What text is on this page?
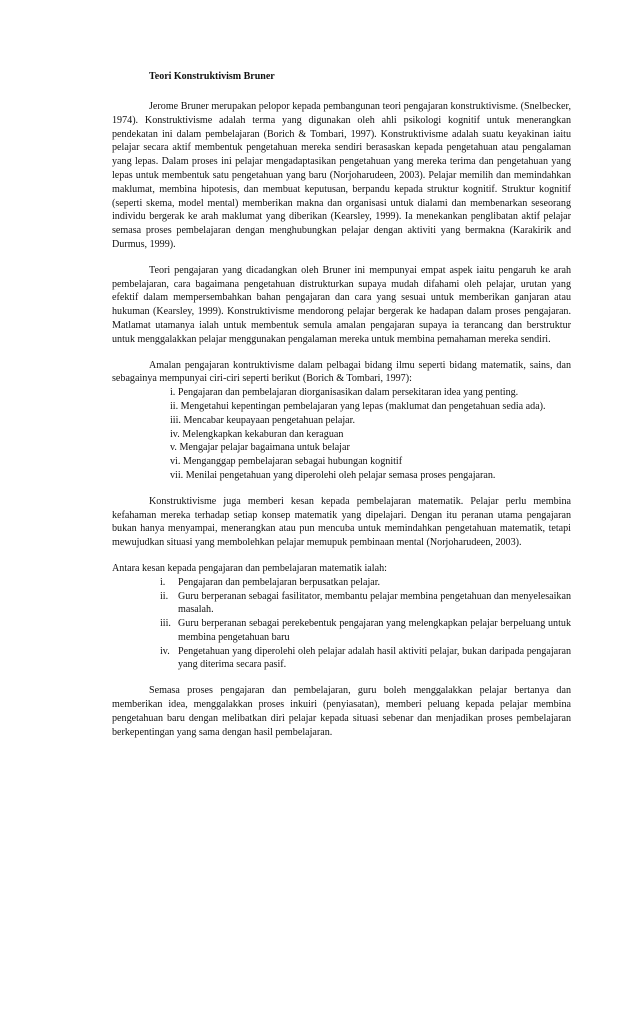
Teori Konstruktivism Bruner

Jerome Bruner merupakan pelopor kepada pembangunan teori pengajaran konstruktivisme. (Snelbecker, 1974). Konstruktivisme adalah terma yang digunakan oleh ahli psikologi kognitif untuk menerangkan pendekatan ini dalam pembelajaran (Borich & Tombari, 1997). Konstruktivisme adalah suatu keyakinan iaitu pelajar secara aktif membentuk pengetahuan mereka sendiri berasaskan kepada pengetahuan atau pengalaman yang lepas. Dalam proses ini pelajar mengadaptasikan pengetahuan yang mereka terima dan pengetahuan yang lepas untuk membentuk satu pengetahuan yang baru (Norjoharudeen, 2003). Pelajar memilih dan memindahkan maklumat, membina hipotesis, dan membuat keputusan, berpandu kepada struktur kognitif. Struktur kognitif (seperti skema, model mental) memberikan makna dan organisasi untuk dialami dan membenarkan seseorang individu bergerak ke arah maklumat yang diberikan (Kearsley, 1999). Ia menekankan penglibatan aktif pelajar semasa proses pembelajaran dengan menghubungkan pelajar dengan aktiviti yang bermakna (Karakirik and Durmus, 1999).

Teori pengajaran yang dicadangkan oleh Bruner ini mempunyai empat aspek iaitu pengaruh ke arah pembelajaran, cara bagaimana pengetahuan distrukturkan supaya mudah difahami oleh pelajar, urutan yang efektif dalam mempersembahkan bahan pengajaran dan cara yang sesuai untuk memberikan ganjaran atau hukuman (Kearsley, 1999). Konstruktivisme mendorong pelajar bergerak ke hadapan dalam proses pengajaran. Matlamat utamanya ialah untuk membentuk semula amalan pengajaran supaya ia terancang dan berstruktur untuk menggalakkan pelajar menggunakan pengalaman mereka untuk membina pemahaman mereka sendiri.

Amalan pengajaran kontruktivisme dalam pelbagai bidang ilmu seperti bidang matematik, sains, dan sebagainya mempunyai ciri-ciri seperti berikut (Borich & Tombari, 1997):

i. Pengajaran dan pembelajaran diorganisasikan dalam persekitaran idea yang penting.
ii. Mengetahui kepentingan pembelajaran yang lepas (maklumat dan pengetahuan sedia ada).
iii. Mencabar keupayaan pengetahuan pelajar.
iv. Melengkapkan kekaburan dan keraguan
v. Mengajar pelajar bagaimana untuk belajar
vi. Menganggap pembelajaran sebagai hubungan kognitif
vii. Menilai pengetahuan yang diperolehi oleh pelajar semasa proses pengajaran.

Konstruktivisme juga memberi kesan kepada pembelajaran matematik. Pelajar perlu membina kefahaman mereka terhadap setiap konsep matematik yang dipelajari. Dengan itu peranan utama pengajaran bukan hanya menyampai, menerangkan atau pun mencuba untuk memindahkan pengetahuan matematik, tetapi mewujudkan situasi yang membolehkan pelajar memupuk pembinaan mental (Norjoharudeen, 2003).

Antara kesan kepada pengajaran dan pembelajaran matematik ialah:

i.	Pengajaran dan pembelajaran berpusatkan pelajar.
ii. Guru berperanan sebagai fasilitator, membantu pelajar membina pengetahuan dan menyelesaikan masalah.
iii. Guru berperanan sebagai perekebentuk pengajaran yang melengkapkan pelajar berpeluang untuk membina pengetahuan baru
iv. Pengetahuan yang diperolehi oleh pelajar adalah hasil aktiviti pelajar, bukan daripada pengajaran yang diterima secara pasif.

Semasa proses pengajaran dan pembelajaran, guru boleh menggalakkan pelajar bertanya dan memberikan idea, menggalakkan proses inkuiri (penyiasatan), memberi peluang kepada pelajar membina pengetahuan baru dengan melibatkan diri pelajar kepada situasi sebenar dan menjadikan proses pembelajaran berkepentingan yang sama dengan hasil pembelajaran.
